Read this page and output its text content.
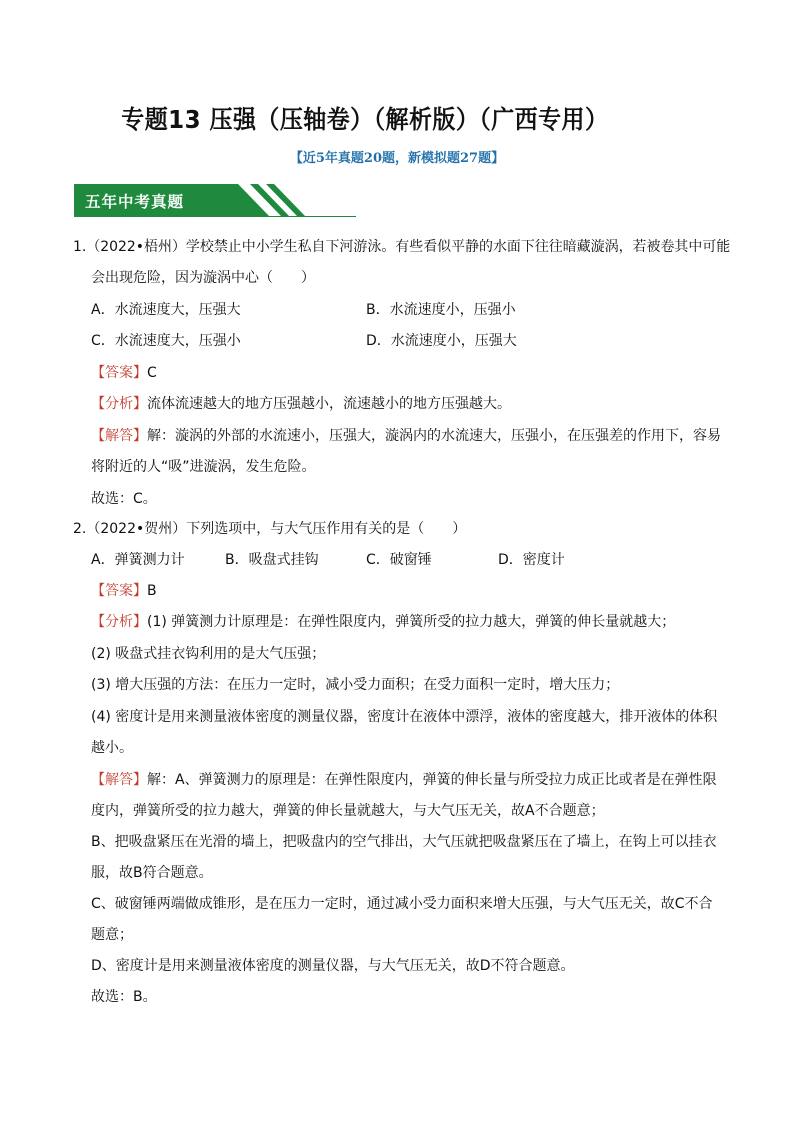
专题13 压强（压轴卷）（解析版）（广西专用）
【近5年真题20题，新模拟题27题】
五年中考真题
1.（2022•梧州）学校禁止中小学生私自下河游泳。有些看似平静的水面下往往暗藏漩涡，若被卷其中可能
会出现危险，因为漩涡中心（　　）
A．水流速度大，压强大	B．水流速度小，压强小
C．水流速度大，压强小	D．水流速度小，压强大
【答案】C
【分析】流体流速越大的地方压强越小，流速越小的地方压强越大。
【解答】解：漩涡的外部的水流速小，压强大，漩涡内的水流速大，压强小，在压强差的作用下，容易
将附近的人“吸”进漩涡，发生危险。
故选：C。
2.（2022•贺州）下列选项中，与大气压作用有关的是（　　）
A．弹簧测力计	B．吸盘式挂钩	C．破窗锤	D．密度计
【答案】B
【分析】(1) 弹簧测力计原理是：在弹性限度内，弹簧所受的拉力越大，弹簧的伸长量就越大；
(2) 吸盘式挂衣钩利用的是大气压强；
(3) 增大压强的方法：在压力一定时，减小受力面积；在受力面积一定时，增大压力；
(4) 密度计是用来测量液体密度的测量仪器，密度计在液体中漂浮，液体的密度越大，排开液体的体积
越小。
【解答】解：A、弹簧测力的原理是：在弹性限度内，弹簧的伸长量与所受拉力成正比或者是在弹性限
度内，弹簧所受的拉力越大，弹簧的伸长量就越大，与大气压无关，故A不合题意；
B、把吸盘紧压在光滑的墙上，把吸盘内的空气排出，大气压就把吸盘紧压在了墙上，在钩上可以挂衣
服，故B符合题意。
C、破窗锤两端做成锥形，是在压力一定时，通过减小受力面积来增大压强，与大气压无关，故C不合
题意；
D、密度计是用来测量液体密度的测量仪器，与大气压无关，故D不符合题意。
故选：B。
